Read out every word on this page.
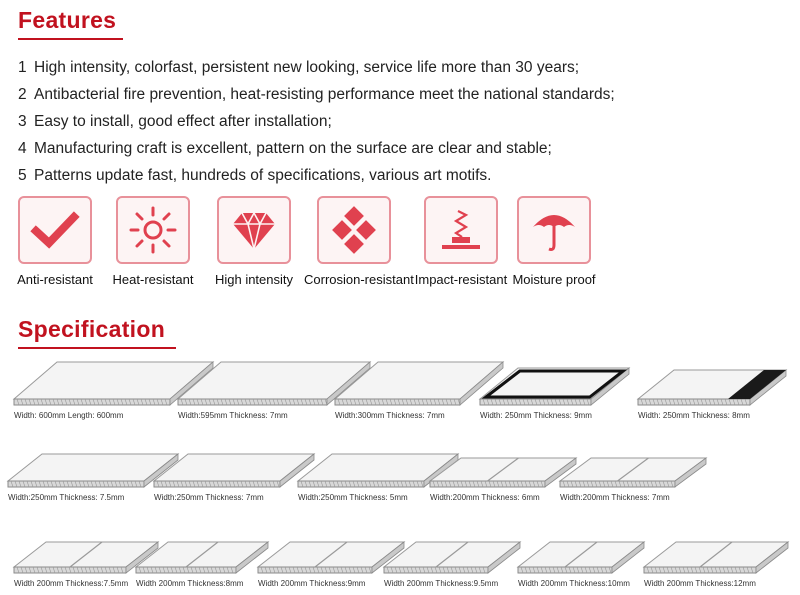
Features
1 High intensity, colorfast, persistent new looking, service life more than 30 years;
2 Antibacterial fire prevention, heat-resisting performance meet the national standards;
3 Easy to install, good effect after installation;
4 Manufacturing craft is excellent, pattern on the surface are clear and stable;
5 Patterns update fast, hundreds of specifications, various art motifs.
Anti-resistant	Heat-resistant	High intensity Corrosion-resistant Impact-resistant Moisture proof
Specification
Width: 600mm Length: 600mm	Width:595mm Thickness: 7mm	Width:300mm Thickness: 7mm	Width: 250mm Thickness: 9mm	Width: 250mm Thickness: 8mm
Width:250mm Thickness: 7.5mm	Width:250mm Thickness: 7mm	Width:250mm Thickness: 5mm	Width:200mm Thickness: 6mm	Width:200mm Thickness: 7mm
Width 200mm Thickness:7.5mm Width 200mm Thickness:8mm Width 200mm Thickness:9mm Width 200mm Thickness:9.5mm Width 200mm Thickness:10mm Width 200mm Thickness:12mm
